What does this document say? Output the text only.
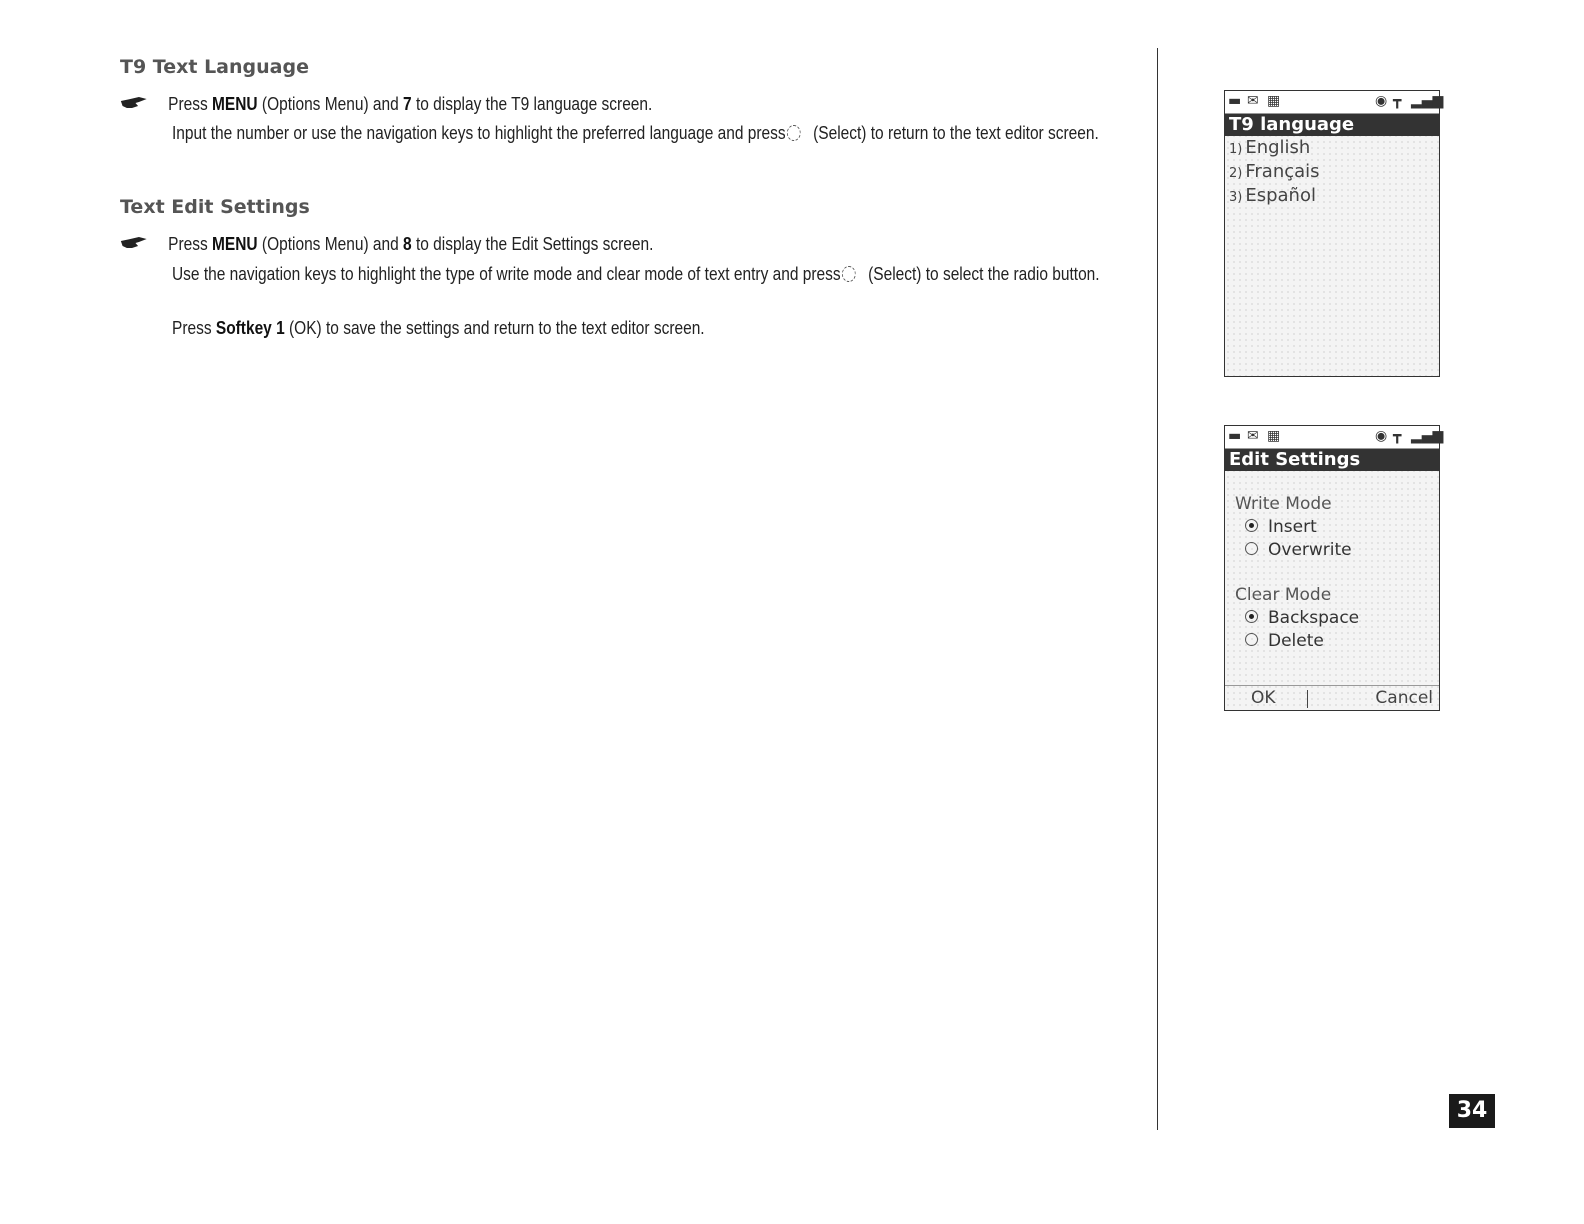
T9 Text Language
Press MENU (Options Menu) and 7 to display the T9 language screen.
Input the number or use the navigation keys to highlight the preferred language and press (Select) to return to the text editor screen.
Text Edit Settings
Press MENU (Options Menu) and 8 to display the Edit Settings screen.
Use the navigation keys to highlight the type of write mode and clear mode of text entry and press (Select) to select the radio button.
Press Softkey 1 (OK) to save the settings and return to the text editor screen.
▬ ✉ ▦	◉ ┳ ▂▄▆
T9 language
1) English
2) Français
3) Español
▬ ✉ ▦	◉ ┳ ▂▄▆
Edit Settings
Write Mode
Insert
Overwrite
Clear Mode
Backspace
Delete
OK	Cancel
34
